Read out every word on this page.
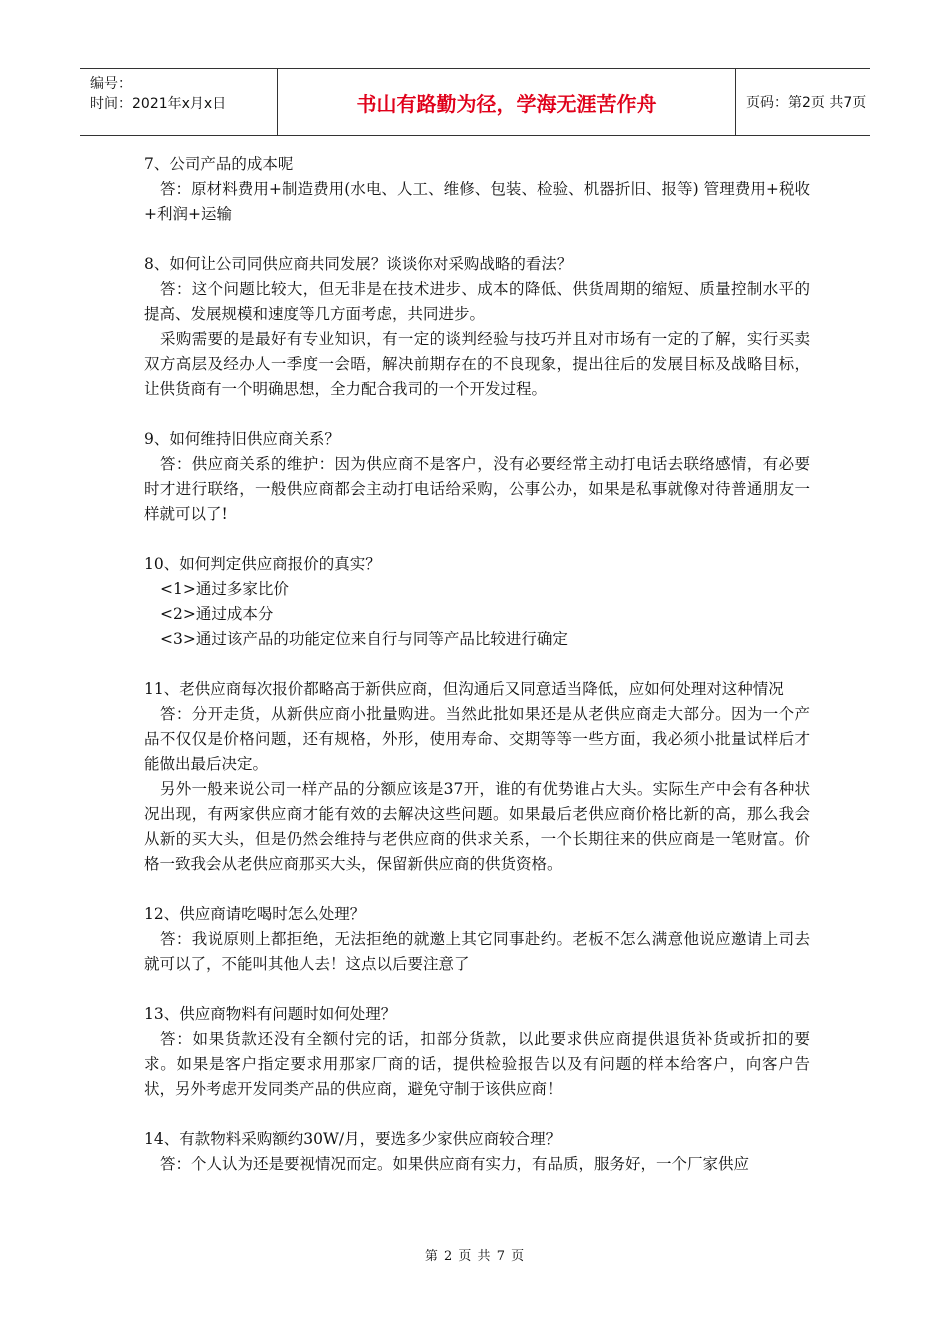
编号：
时间：2021年x月x日	书山有路勤为径，学海无涯苦作舟	页码：第2页 共7页

7、公司产品的成本呢

答：原材料费用+制造费用(水电、人工、维修、包装、检验、机器折旧、报等) 管理费用+税收+利润+运输

8、如何让公司同供应商共同发展？谈谈你对采购战略的看法？

答：这个问题比较大，但无非是在技术进步、成本的降低、供货周期的缩短、质量控制水平的提高、发展规模和速度等几方面考虑，共同进步。

采购需要的是最好有专业知识，有一定的谈判经验与技巧并且对市场有一定的了解，实行买卖双方高层及经办人一季度一会晤，解决前期存在的不良现象，提出往后的发展目标及战略目标，让供货商有一个明确思想，全力配合我司的一个开发过程。

9、如何维持旧供应商关系？

答：供应商关系的维护：因为供应商不是客户，没有必要经常主动打电话去联络感情，有必要时才进行联络，一般供应商都会主动打电话给采购，公事公办，如果是私事就像对待普通朋友一样就可以了!

10、如何判定供应商报价的真实？

<1>通过多家比价

<2>通过成本分

<3>通过该产品的功能定位来自行与同等产品比较进行确定

11、老供应商每次报价都略高于新供应商，但沟通后又同意适当降低，应如何处理对这种情况

答：分开走货，从新供应商小批量购进。当然此批如果还是从老供应商走大部分。因为一个产品不仅仅是价格问题，还有规格，外形，使用寿命、交期等等一些方面，我必须小批量试样后才能做出最后决定。

另外一般来说公司一样产品的分额应该是37开，谁的有优势谁占大头。实际生产中会有各种状况出现，有两家供应商才能有效的去解决这些问题。如果最后老供应商价格比新的高，那么我会从新的买大头，但是仍然会维持与老供应商的供求关系，一个长期往来的供应商是一笔财富。价格一致我会从老供应商那买大头，保留新供应商的供货资格。

12、供应商请吃喝时怎么处理？

答：我说原则上都拒绝，无法拒绝的就邀上其它同事赴约。老板不怎么满意他说应邀请上司去就可以了，不能叫其他人去！这点以后要注意了

13、供应商物料有问题时如何处理？

答：如果货款还没有全额付完的话，扣部分货款，以此要求供应商提供退货补货或折扣的要求。如果是客户指定要求用那家厂商的话，提供检验报告以及有问题的样本给客户，向客户告状，另外考虑开发同类产品的供应商，避免守制于该供应商！

14、有款物料采购额约30W/月，要选多少家供应商较合理？

答：个人认为还是要视情况而定。如果供应商有实力，有品质，服务好，一个厂家供应

第 2 页 共 7 页
